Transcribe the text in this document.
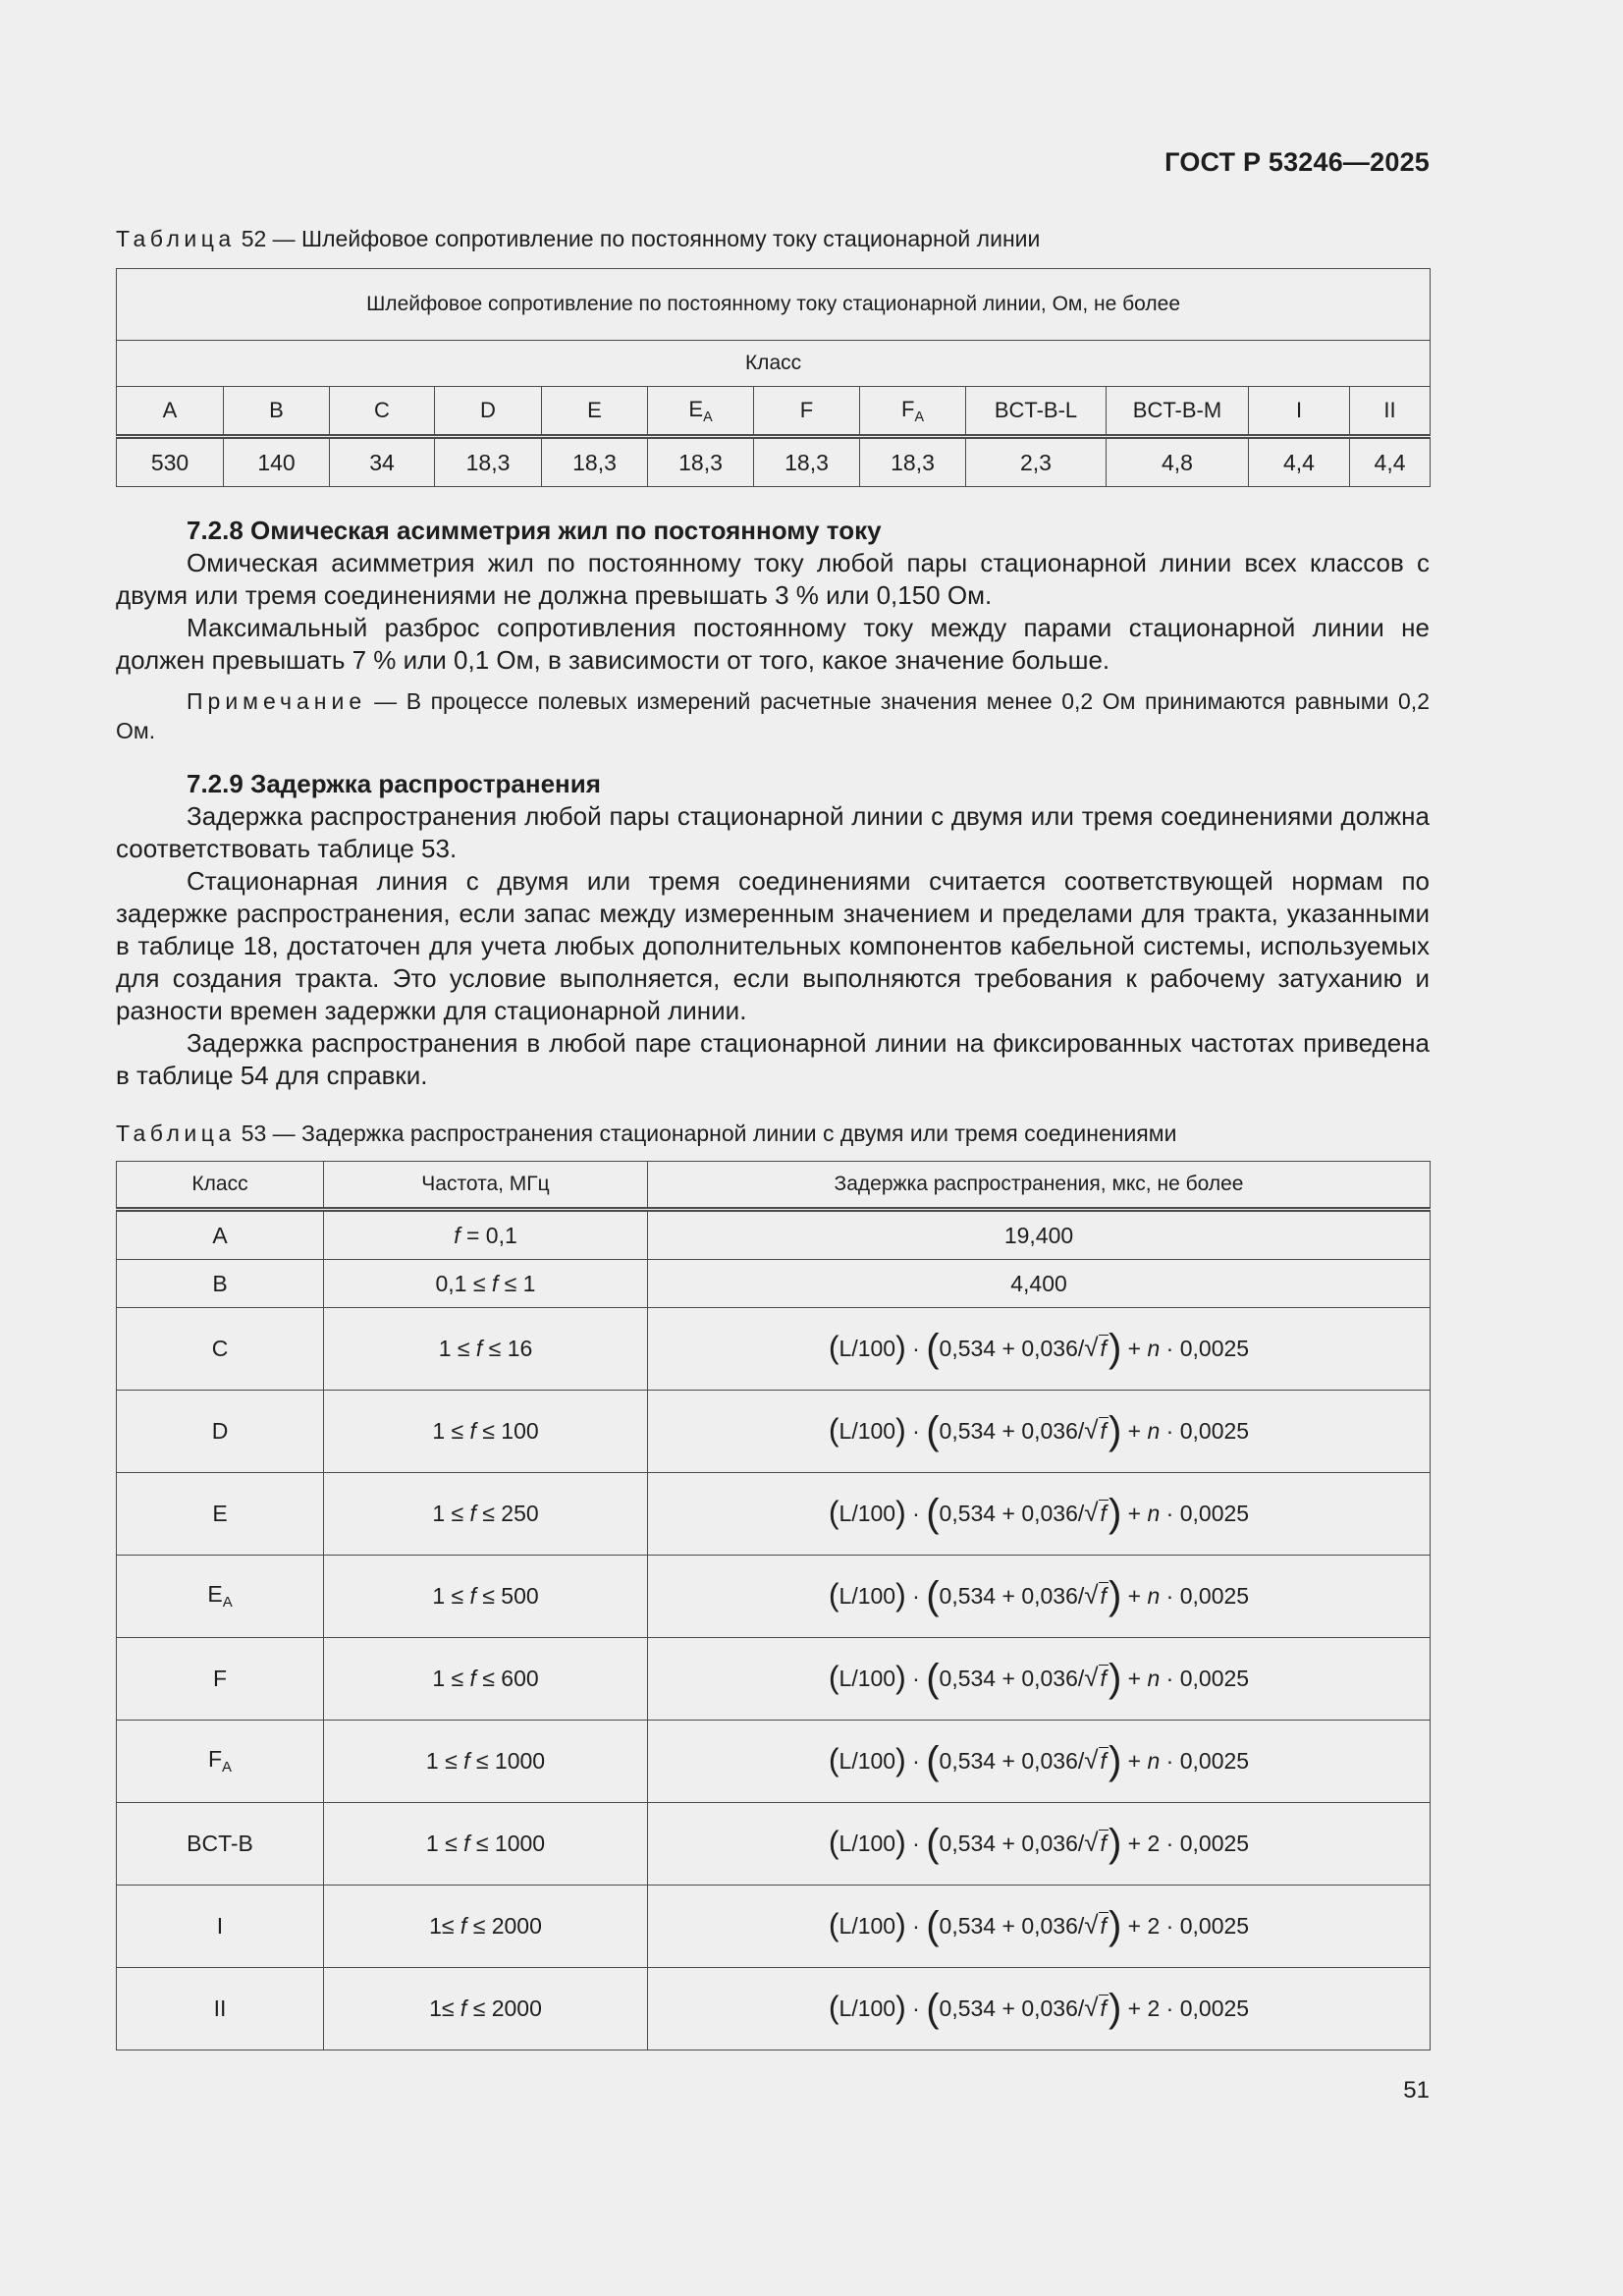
ГОСТ Р 53246—2025
Таблица 52 — Шлейфовое сопротивление по постоянному току стационарной линии
Шлейфовое сопротивление по постоянному току стационарной линии, Ом, не более											
Класс											
A	B	C	D	E	$E_A$	F	$F_A$	BCT-B-L	BCT-B-M	I	II
530	140	34	18,3	18,3	18,3	18,3	18,3	2,3	4,8	4,4	4,4

7.2.8 Омическая асимметрия жил по постоянному току

Омическая асимметрия жил по постоянному току любой пары стационарной линии всех классов с двумя или тремя соединениями не должна превышать 3 % или 0,150 Ом.

Максимальный разброс сопротивления постоянному току между парами стационарной линии не должен превышать 7 % или 0,1 Ом, в зависимости от того, какое значение больше.

Примечание — В процессе полевых измерений расчетные значения менее 0,2 Ом принимаются равными 0,2 Ом.

7.2.9 Задержка распространения

Задержка распространения любой пары стационарной линии с двумя или тремя соединениями должна соответствовать таблице 53.

Стационарная линия с двумя или тремя соединениями считается соответствующей нормам по задержке распространения, если запас между измеренным значением и пределами для тракта, указанными в таблице 18, достаточен для учета любых дополнительных компонентов кабельной системы, используемых для создания тракта. Это условие выполняется, если выполняются требования к рабочему затуханию и разности времен задержки для стационарной линии.

Задержка распространения в любой паре стационарной линии на фиксированных частотах приведена в таблице 54 для справки.

Таблица 53 — Задержка распространения стационарной линии с двумя или тремя соединениями
Класс	Частота, МГц	Задержка распространения, мкс, не более
A	f = 0,1	19,400
B	0,1 ≤ f ≤ 1	4,400
C	1 ≤ f ≤ 16	(L/100) · (0,534 + 0,036/√f) + n · 0,0025
D	1 ≤ f ≤ 100	(L/100) · (0,534 + 0,036/√f) + n · 0,0025
E	1 ≤ f ≤ 250	(L/100) · (0,534 + 0,036/√f) + n · 0,0025
$E_A$	1 ≤ f ≤ 500	(L/100) · (0,534 + 0,036/√f) + n · 0,0025
F	1 ≤ f ≤ 600	(L/100) · (0,534 + 0,036/√f) + n · 0,0025
$F_A$	1 ≤ f ≤ 1000	(L/100) · (0,534 + 0,036/√f) + n · 0,0025
BCT-B	1 ≤ f ≤ 1000	(L/100) · (0,534 + 0,036/√f) + 2 · 0,0025
I	1≤ f ≤ 2000	(L/100) · (0,534 + 0,036/√f) + 2 · 0,0025
II	1≤ f ≤ 2000	(L/100) · (0,534 + 0,036/√f) + 2 · 0,0025
51
